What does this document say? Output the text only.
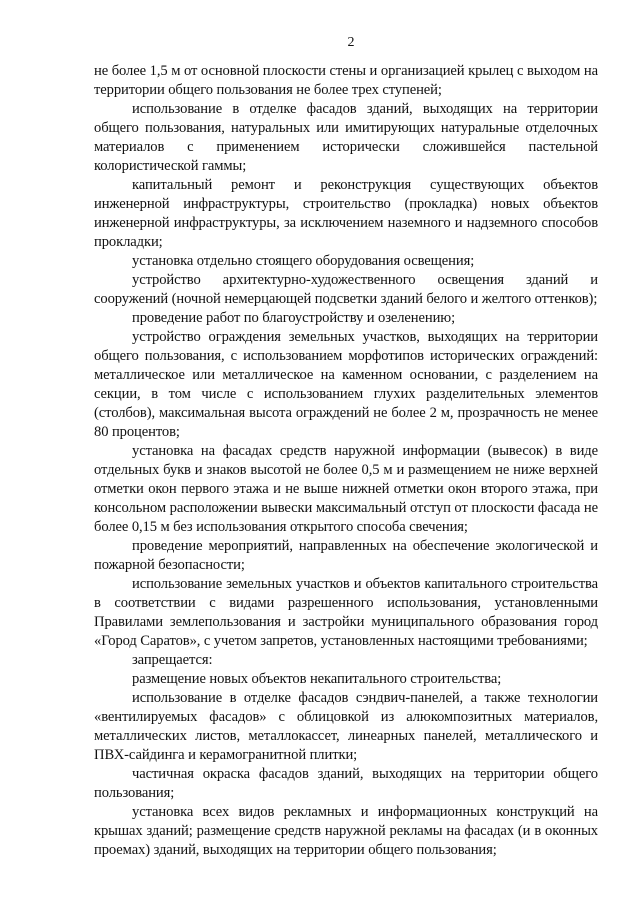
2

не более 1,5 м от основной плоскости стены и организацией крылец с выходом на территории общего пользования не более трех ступеней;

использование в отделке фасадов зданий, выходящих на территории общего пользования, натуральных или имитирующих натуральные отделочных материалов с применением исторически сложившейся пастельной колористической гаммы;

капитальный ремонт и реконструкция существующих объектов инженерной инфраструктуры, строительство (прокладка) новых объектов инженерной инфраструктуры, за исключением наземного и надземного способов прокладки;

установка отдельно стоящего оборудования освещения;

устройство архитектурно-художественного освещения зданий и сооружений (ночной немерцающей подсветки зданий белого и желтого оттенков);

проведение работ по благоустройству и озеленению;

устройство ограждения земельных участков, выходящих на территории общего пользования, с использованием морфотипов исторических ограждений: металлическое или металлическое на каменном основании, с разделением на секции, в том числе с использованием глухих разделительных элементов (столбов), максимальная высота ограждений не более 2 м, прозрачность не менее 80 процентов;

установка на фасадах средств наружной информации (вывесок) в виде отдельных букв и знаков высотой не более 0,5 м и размещением не ниже верхней отметки окон первого этажа и не выше нижней отметки окон второго этажа, при консольном расположении вывески максимальный отступ от плоскости фасада не более 0,15 м без использования открытого способа свечения;

проведение мероприятий, направленных на обеспечение экологической и пожарной безопасности;

использование земельных участков и объектов капитального строительства в соответствии с видами разрешенного использования, установленными Правилами землепользования и застройки муниципального образования город «Город Саратов», с учетом запретов, установленных настоящими требованиями;

запрещается:

размещение новых объектов некапитального строительства;

использование в отделке фасадов сэндвич-панелей, а также технологии «вентилируемых фасадов» с облицовкой из алюкомпозитных материалов, металлических листов, металлокассет, линеарных панелей, металлического и ПВХ-сайдинга и керамогранитной плитки;

частичная окраска фасадов зданий, выходящих на территории общего пользования;

установка всех видов рекламных и информационных конструкций на крышах зданий; размещение средств наружной рекламы на фасадах (и в оконных проемах) зданий, выходящих на территории общего пользования;
